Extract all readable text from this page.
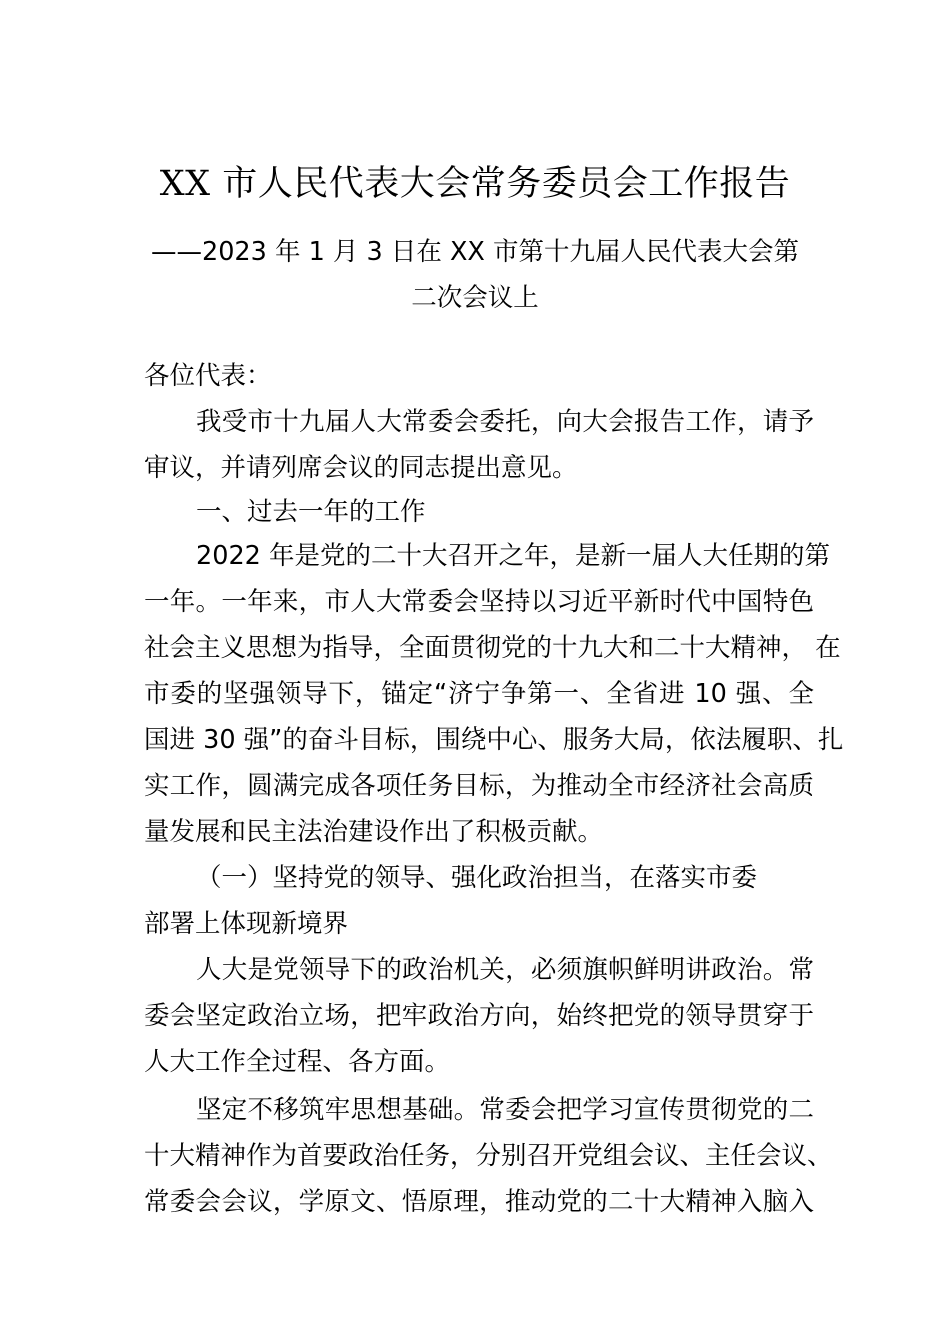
XX 市人民代表大会常务委员会工作报告
——2023 年 1 月 3 日在 XX 市第十九届人民代表大会第
二次会议上
各位代表：
我受市十九届人大常委会委托，向大会报告工作，请予
审议，并请列席会议的同志提出意见。
一、过去一年的工作
2022 年是党的二十大召开之年，是新一届人大任期的第
一年。一年来，市人大常委会坚持以习近平新时代中国特色
社会主义思想为指导，全面贯彻党的十九大和二十大精神， 在
市委的坚强领导下，锚定“济宁争第一、全省进 10 强、全
国进 30 强”的奋斗目标，围绕中心、服务大局，依法履职、扎
实工作，圆满完成各项任务目标，为推动全市经济社会高质
量发展和民主法治建设作出了积极贡献。
（一）坚持党的领导、强化政治担当，在落实市委
部署上体现新境界
人大是党领导下的政治机关，必须旗帜鲜明讲政治。常
委会坚定政治立场，把牢政治方向，始终把党的领导贯穿于
人大工作全过程、各方面。
坚定不移筑牢思想基础。常委会把学习宣传贯彻党的二
十大精神作为首要政治任务，分别召开党组会议、主任会议、
常委会会议，学原文、悟原理，推动党的二十大精神入脑入
